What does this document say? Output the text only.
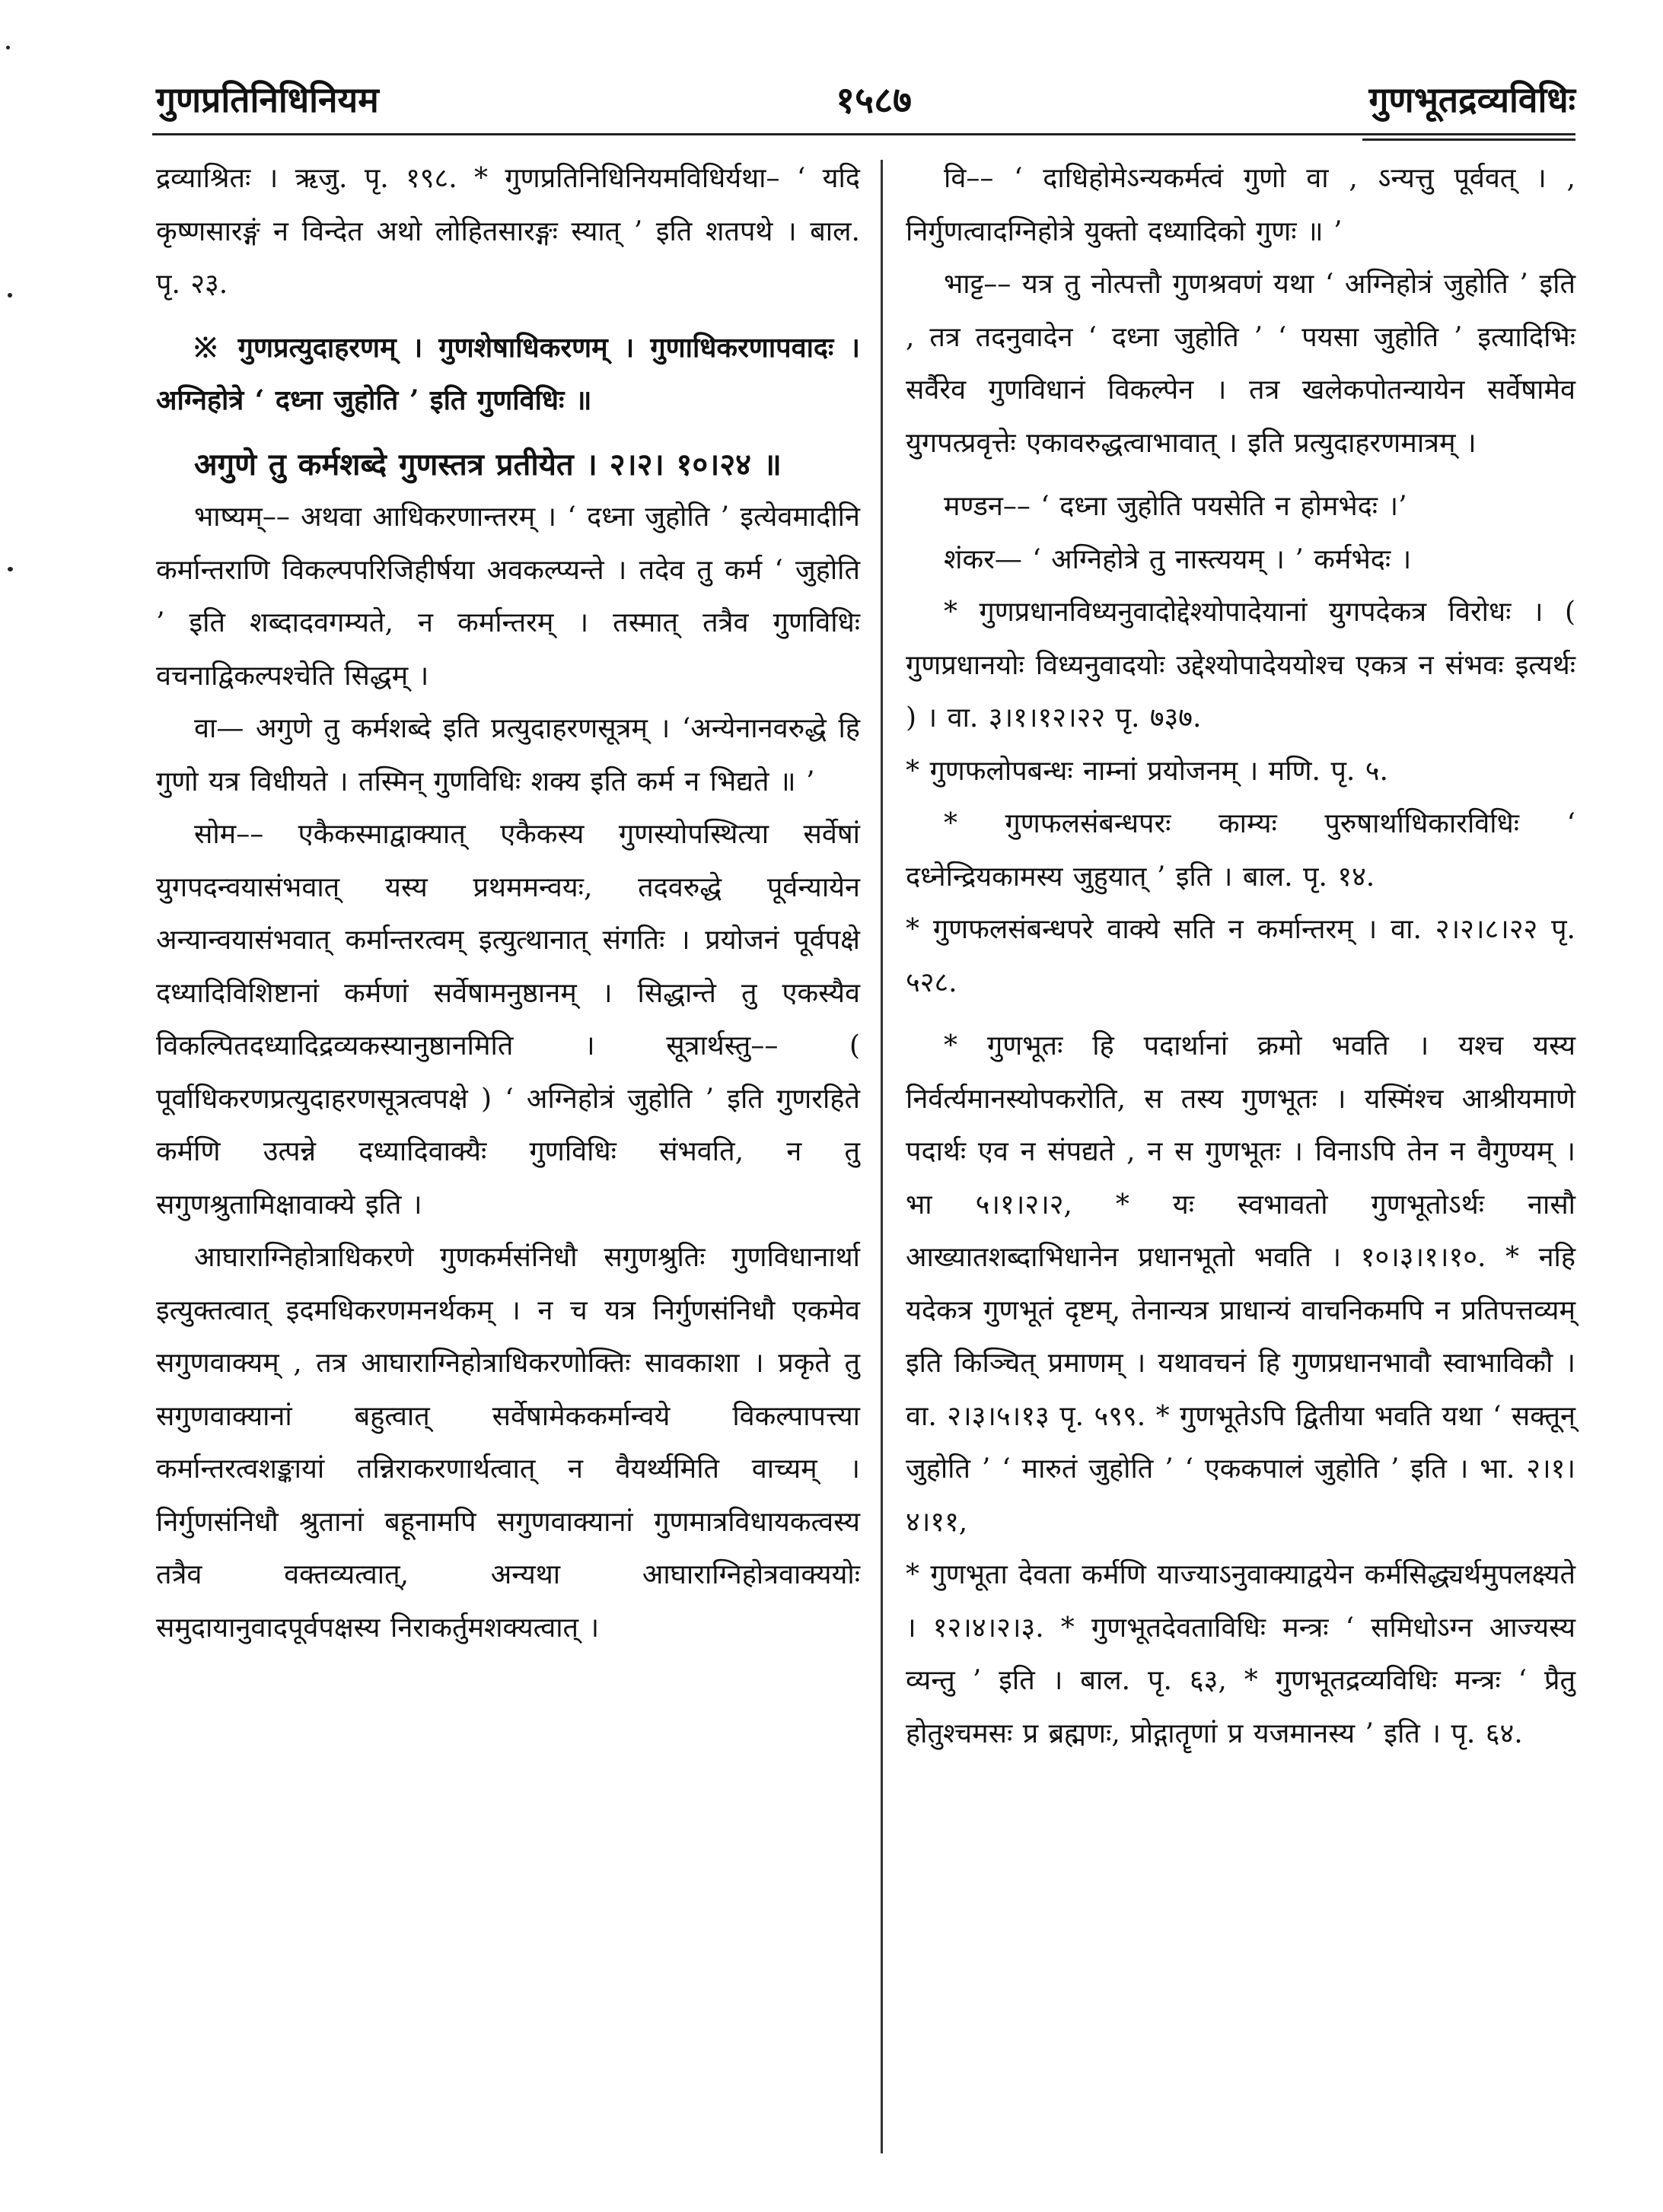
गुणप्रतिनिधिनियम	१५८७	गुणभूतद्रव्यविधिः

द्रव्याश्रितः । ऋजु. पृ. १९८. * गुणप्रतिनिधिनियमविधिर्यथा– ‘ यदि कृष्णसारङ्गं न विन्देत अथो लोहितसारङ्गः स्यात् ’ इति शतपथे । बाल. पृ. २३.

※ गुणप्रत्युदाहरणम् । गुणशेषाधिकरणम् । गुणाधिकरणापवादः । अग्निहोत्रे ‘ दध्ना जुहोति ’ इति गुणविधिः ॥

अगुणे तु कर्मशब्दे गुणस्तत्र प्रतीयेत । २।२। १०।२४ ॥

भाष्यम्–– अथवा आधिकरणान्तरम् । ‘ दध्ना जुहोति ’ इत्येवमादीनि कर्मान्तराणि विकल्पपरिजिहीर्षया अवकल्प्यन्ते । तदेव तु कर्म ‘ जुहोति ’ इति शब्दादवगम्यते, न कर्मान्तरम् । तस्मात् तत्रैव गुणविधिः वचनाद्विकल्पश्चेति सिद्धम् ।

वा— अगुणे तु कर्मशब्दे इति प्रत्युदाहरणसूत्रम् । ‘अन्येनानवरुद्धे हि गुणो यत्र विधीयते । तस्मिन् गुणविधिः शक्य इति कर्म न भिद्यते ॥ ’

सोम–– एकैकस्माद्वाक्यात् एकैकस्य गुणस्योपस्थित्या सर्वेषां युगपदन्वयासंभवात् यस्य प्रथममन्वयः, तदवरुद्धे पूर्वन्यायेन अन्यान्वयासंभवात् कर्मान्तरत्वम् इत्युत्थानात् संगतिः । प्रयोजनं पूर्वपक्षे दध्यादिविशिष्टानां कर्मणां सर्वेषामनुष्ठानम् । सिद्धान्ते तु एकस्यैव विकल्पितदध्यादिद्रव्यकस्यानुष्ठानमिति । सूत्रार्थस्तु–– ( पूर्वाधिकरणप्रत्युदाहरणसूत्रत्वपक्षे ) ‘ अग्निहोत्रं जुहोति ’ इति गुणरहिते कर्मणि उत्पन्ने दध्यादिवाक्यैः गुणविधिः संभवति, न तु सगुणश्रुतामिक्षावाक्ये इति ।

आघाराग्निहोत्राधिकरणे गुणकर्मसंनिधौ सगुणश्रुतिः गुणविधानार्था इत्युक्तत्वात् इदमधिकरणमनर्थकम् । न च यत्र निर्गुणसंनिधौ एकमेव सगुणवाक्यम् , तत्र आघाराग्निहोत्राधिकरणोक्तिः सावकाशा । प्रकृते तु सगुणवाक्यानां बहुत्वात् सर्वेषामेककर्मान्वये विकल्पापत्त्या कर्मान्तरत्वशङ्कायां तन्निराकरणार्थत्वात् न वैयर्थ्यमिति वाच्यम् । निर्गुणसंनिधौ श्रुतानां बहूनामपि सगुणवाक्यानां गुणमात्रविधायकत्वस्य तत्रैव वक्तव्यत्वात्, अन्यथा आघाराग्निहोत्रवाक्ययोः समुदायानुवादपूर्वपक्षस्य निराकर्तुमशक्यत्वात् ।

वि–– ‘ दाधिहोमेऽन्यकर्मत्वं गुणो वा , ऽन्यत्तु पूर्ववत् । , निर्गुणत्वादग्निहोत्रे युक्तो दध्यादिको गुणः ॥ ’

भाट्ट–– यत्र तु नोत्पत्तौ गुणश्रवणं यथा ‘ अग्निहोत्रं जुहोति ’ इति , तत्र तदनुवादेन ‘ दध्ना जुहोति ’ ‘ पयसा जुहोति ’ इत्यादिभिः सर्वैरेव गुणविधानं विकल्पेन । तत्र खलेकपोतन्यायेन सर्वेषामेव युगपत्प्रवृत्तेः एकावरुद्धत्वाभावात् । इति प्रत्युदाहरणमात्रम् ।

मण्डन–– ‘ दध्ना जुहोति पयसेति न होमभेदः ।’

शंकर— ‘ अग्निहोत्रे तु नास्त्ययम् । ’ कर्मभेदः ।

* गुणप्रधानविध्यनुवादोद्देश्योपादेयानां युगपदेकत्र विरोधः । ( गुणप्रधानयोः विध्यनुवादयोः उद्देश्योपादेययोश्च एकत्र न संभवः इत्यर्थः ) । वा. ३।१।१२।२२ पृ. ७३७.

* गुणफलोपबन्धः नाम्नां प्रयोजनम् । मणि. पृ. ५.

* गुणफलसंबन्धपरः काम्यः पुरुषार्थाधिकारविधिः ‘ दध्नेन्द्रियकामस्य जुहुयात् ’ इति । बाल. पृ. १४.

* गुणफलसंबन्धपरे वाक्ये सति न कर्मान्तरम् । वा. २।२।८।२२ पृ. ५२८.

* गुणभूतः हि पदार्थानां क्रमो भवति । यश्च यस्य निर्वर्त्यमानस्योपकरोति, स तस्य गुणभूतः । यस्मिंश्च आश्रीयमाणे पदार्थः एव न संपद्यते , न स गुणभूतः । विनाऽपि तेन न वैगुण्यम् । भा ५।१।२।२, * यः स्वभावतो गुणभूतोऽर्थः नासौ आख्यातशब्दाभिधानेन प्रधानभूतो भवति । १०।३।१।१०. * नहि यदेकत्र गुणभूतं दृष्टम्, तेनान्यत्र प्राधान्यं वाचनिकमपि न प्रतिपत्तव्यम् इति किञ्चित् प्रमाणम् । यथावचनं हि गुणप्रधानभावौ स्वाभाविकौ । वा. २।३।५।१३ पृ. ५९९. * गुणभूतेऽपि द्वितीया भवति यथा ‘ सक्तून् जुहोति ’ ‘ मारुतं जुहोति ’ ‘ एककपालं जुहोति ’ इति । भा. २।१।४।११,

* गुणभूता देवता कर्मणि याज्याऽनुवाक्याद्वयेन कर्मसिद्ध्यर्थमुपलक्ष्यते । १२।४।२।३. * गुणभूतदेवताविधिः मन्त्रः ‘ समिधोऽग्न आज्यस्य व्यन्तु ’ इति । बाल. पृ. ६३, * गुणभूतद्रव्यविधिः मन्त्रः ‘ प्रैतु होतुश्चमसः प्र ब्रह्मणः, प्रोद्गातॄणां प्र यजमानस्य ’ इति । पृ. ६४.
